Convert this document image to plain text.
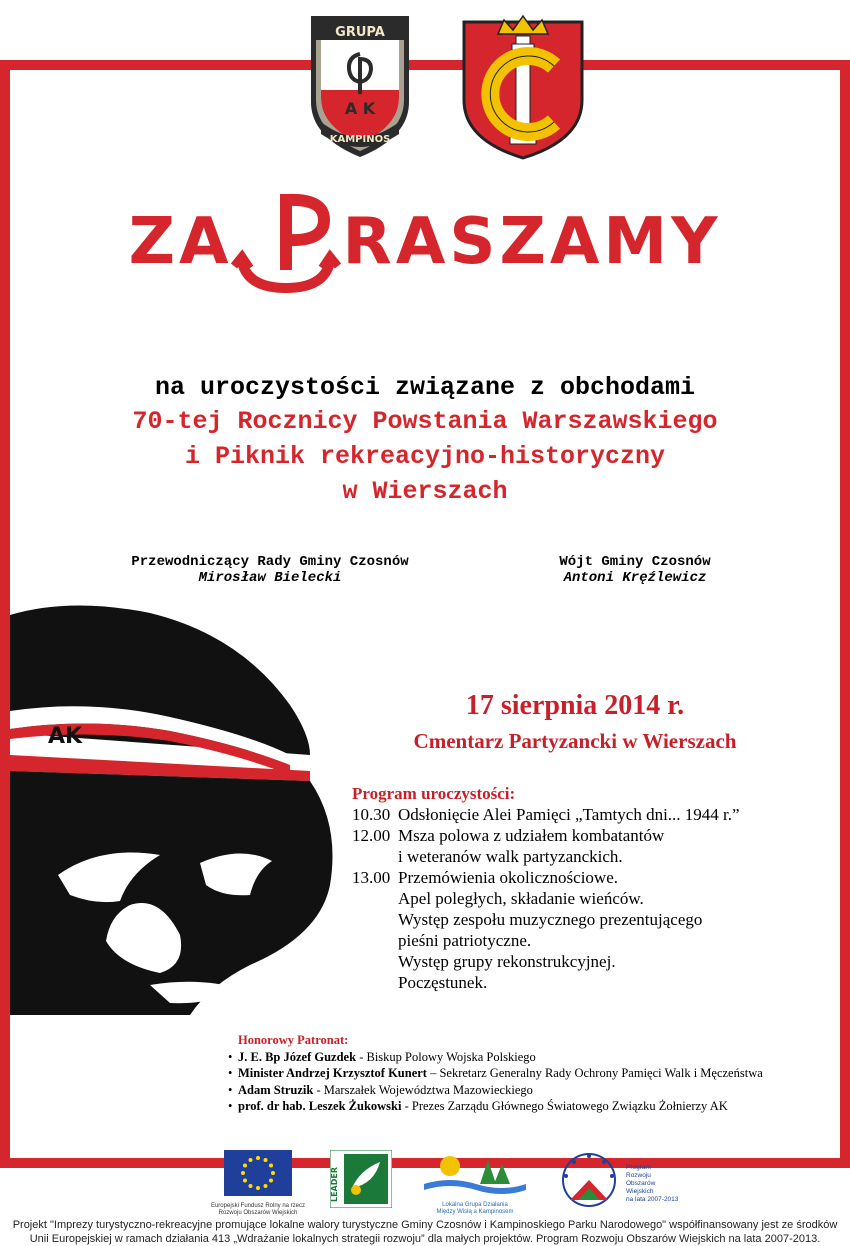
GRUPA
A K
KAMPINOS
ZA RASZAMY
na uroczystości związane z obchodami
70-tej Rocznicy Powstania Warszawskiego
i Piknik rekreacyjno-historyczny
w Wierszach
Przewodniczący Rady Gminy Czosnów
Mirosław Bielecki
Wójt Gminy Czosnów
Antoni Kręźlewicz
AK
17 sierpnia 2014 r.
Cmentarz Partyzancki w Wierszach
Program uroczystości:
10.30 Odsłonięcie Alei Pamięci „Tamtych dni... 1944 r.”
12.00 Msza polowa z udziałem kombatantów
i weteranów walk partyzanckich.
13.00 Przemówienia okolicznościowe.
Apel poległych, składanie wieńców.
Występ zespołu muzycznego prezentującego
pieśni patriotyczne.
Występ grupy rekonstrukcyjnej.
Poczęstunek.
Honorowy Patronat:
• J. E. Bp Józef Guzdek - Biskup Polowy Wojska Polskiego
• Minister Andrzej Krzysztof Kunert – Sekretarz Generalny Rady Ochrony Pamięci Walk i Męczeństwa
• Adam Struzik - Marszałek Województwa Mazowieckiego
• prof. dr hab. Leszek Żukowski - Prezes Zarządu Głównego Światowego Związku Żołnierzy AK
Europejski Fundusz Rolny na rzecz
Rozwoju Obszarów Wiejskich
LEADER
Lokalna Grupa Działania
Między Wisłą a Kampinosem
Program
Rozwoju
Obszarów
Wiejskich
na lata 2007-2013
Projekt "Imprezy turystyczno-rekreacyjne promujące lokalne walory turystyczne Gminy Czosnów i Kampinoskiego Parku Narodowego" współfinansowany jest ze środków
Unii Europejskiej w ramach działania 413 „Wdrażanie lokalnych strategii rozwoju” dla małych projektów. Program Rozwoju Obszarów Wiejskich na lata 2007-2013.
